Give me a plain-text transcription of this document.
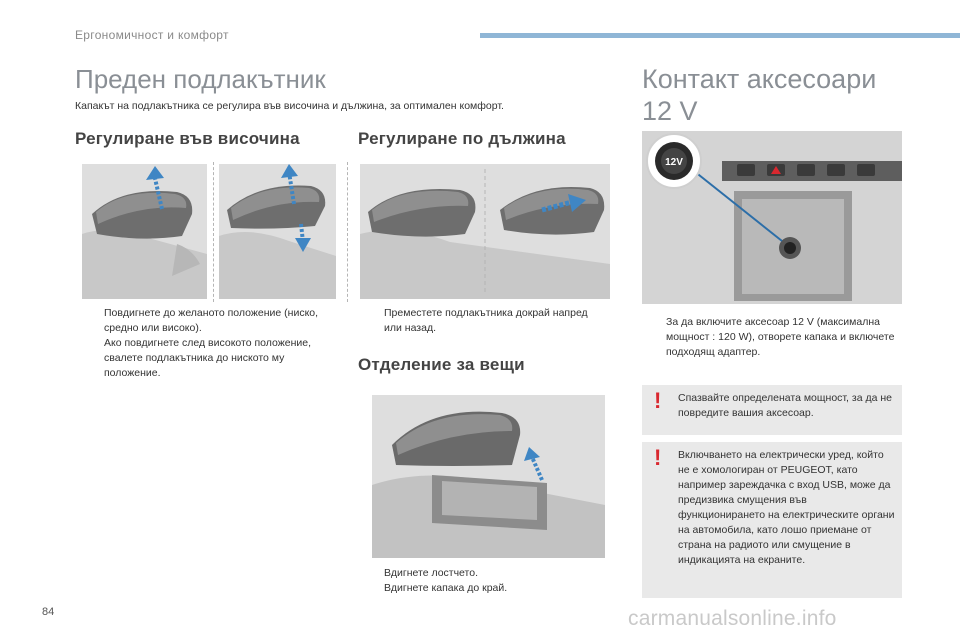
Ергономичност и комфорт
Преден подлакътник
Капакът на подлакътника се регулира във височина и дължина, за оптимален комфорт.
Регулиране във височина	Регулиране по дължина
Повдигнете до желаното положение (ниско, средно или високо).
Ако повдигнете след високото положение, свалете подлакътника до ниското му положение.
Преместете подлакътника докрай напред или назад.
Отделение за вещи
Вдигнете лостчето.
Вдигнете капака до край.
Контакт аксесоари
12 V
12V
За да включите аксесоар 12 V (максимална мощност : 120 W), отворете капака и включете подходящ адаптер.
! Спазвайте определената мощност, за да не повредите вашия аксесоар.
! Включването на електрически уред, който не е хомологиран от PEUGEOT, като например зареждачка с вход USB, може да предизвика смущения във функционирането на електрическите органи на автомобила, като лошо приемане от страна на радиото или смущение в индикацията на екраните.
84	carmanualsonline.info
